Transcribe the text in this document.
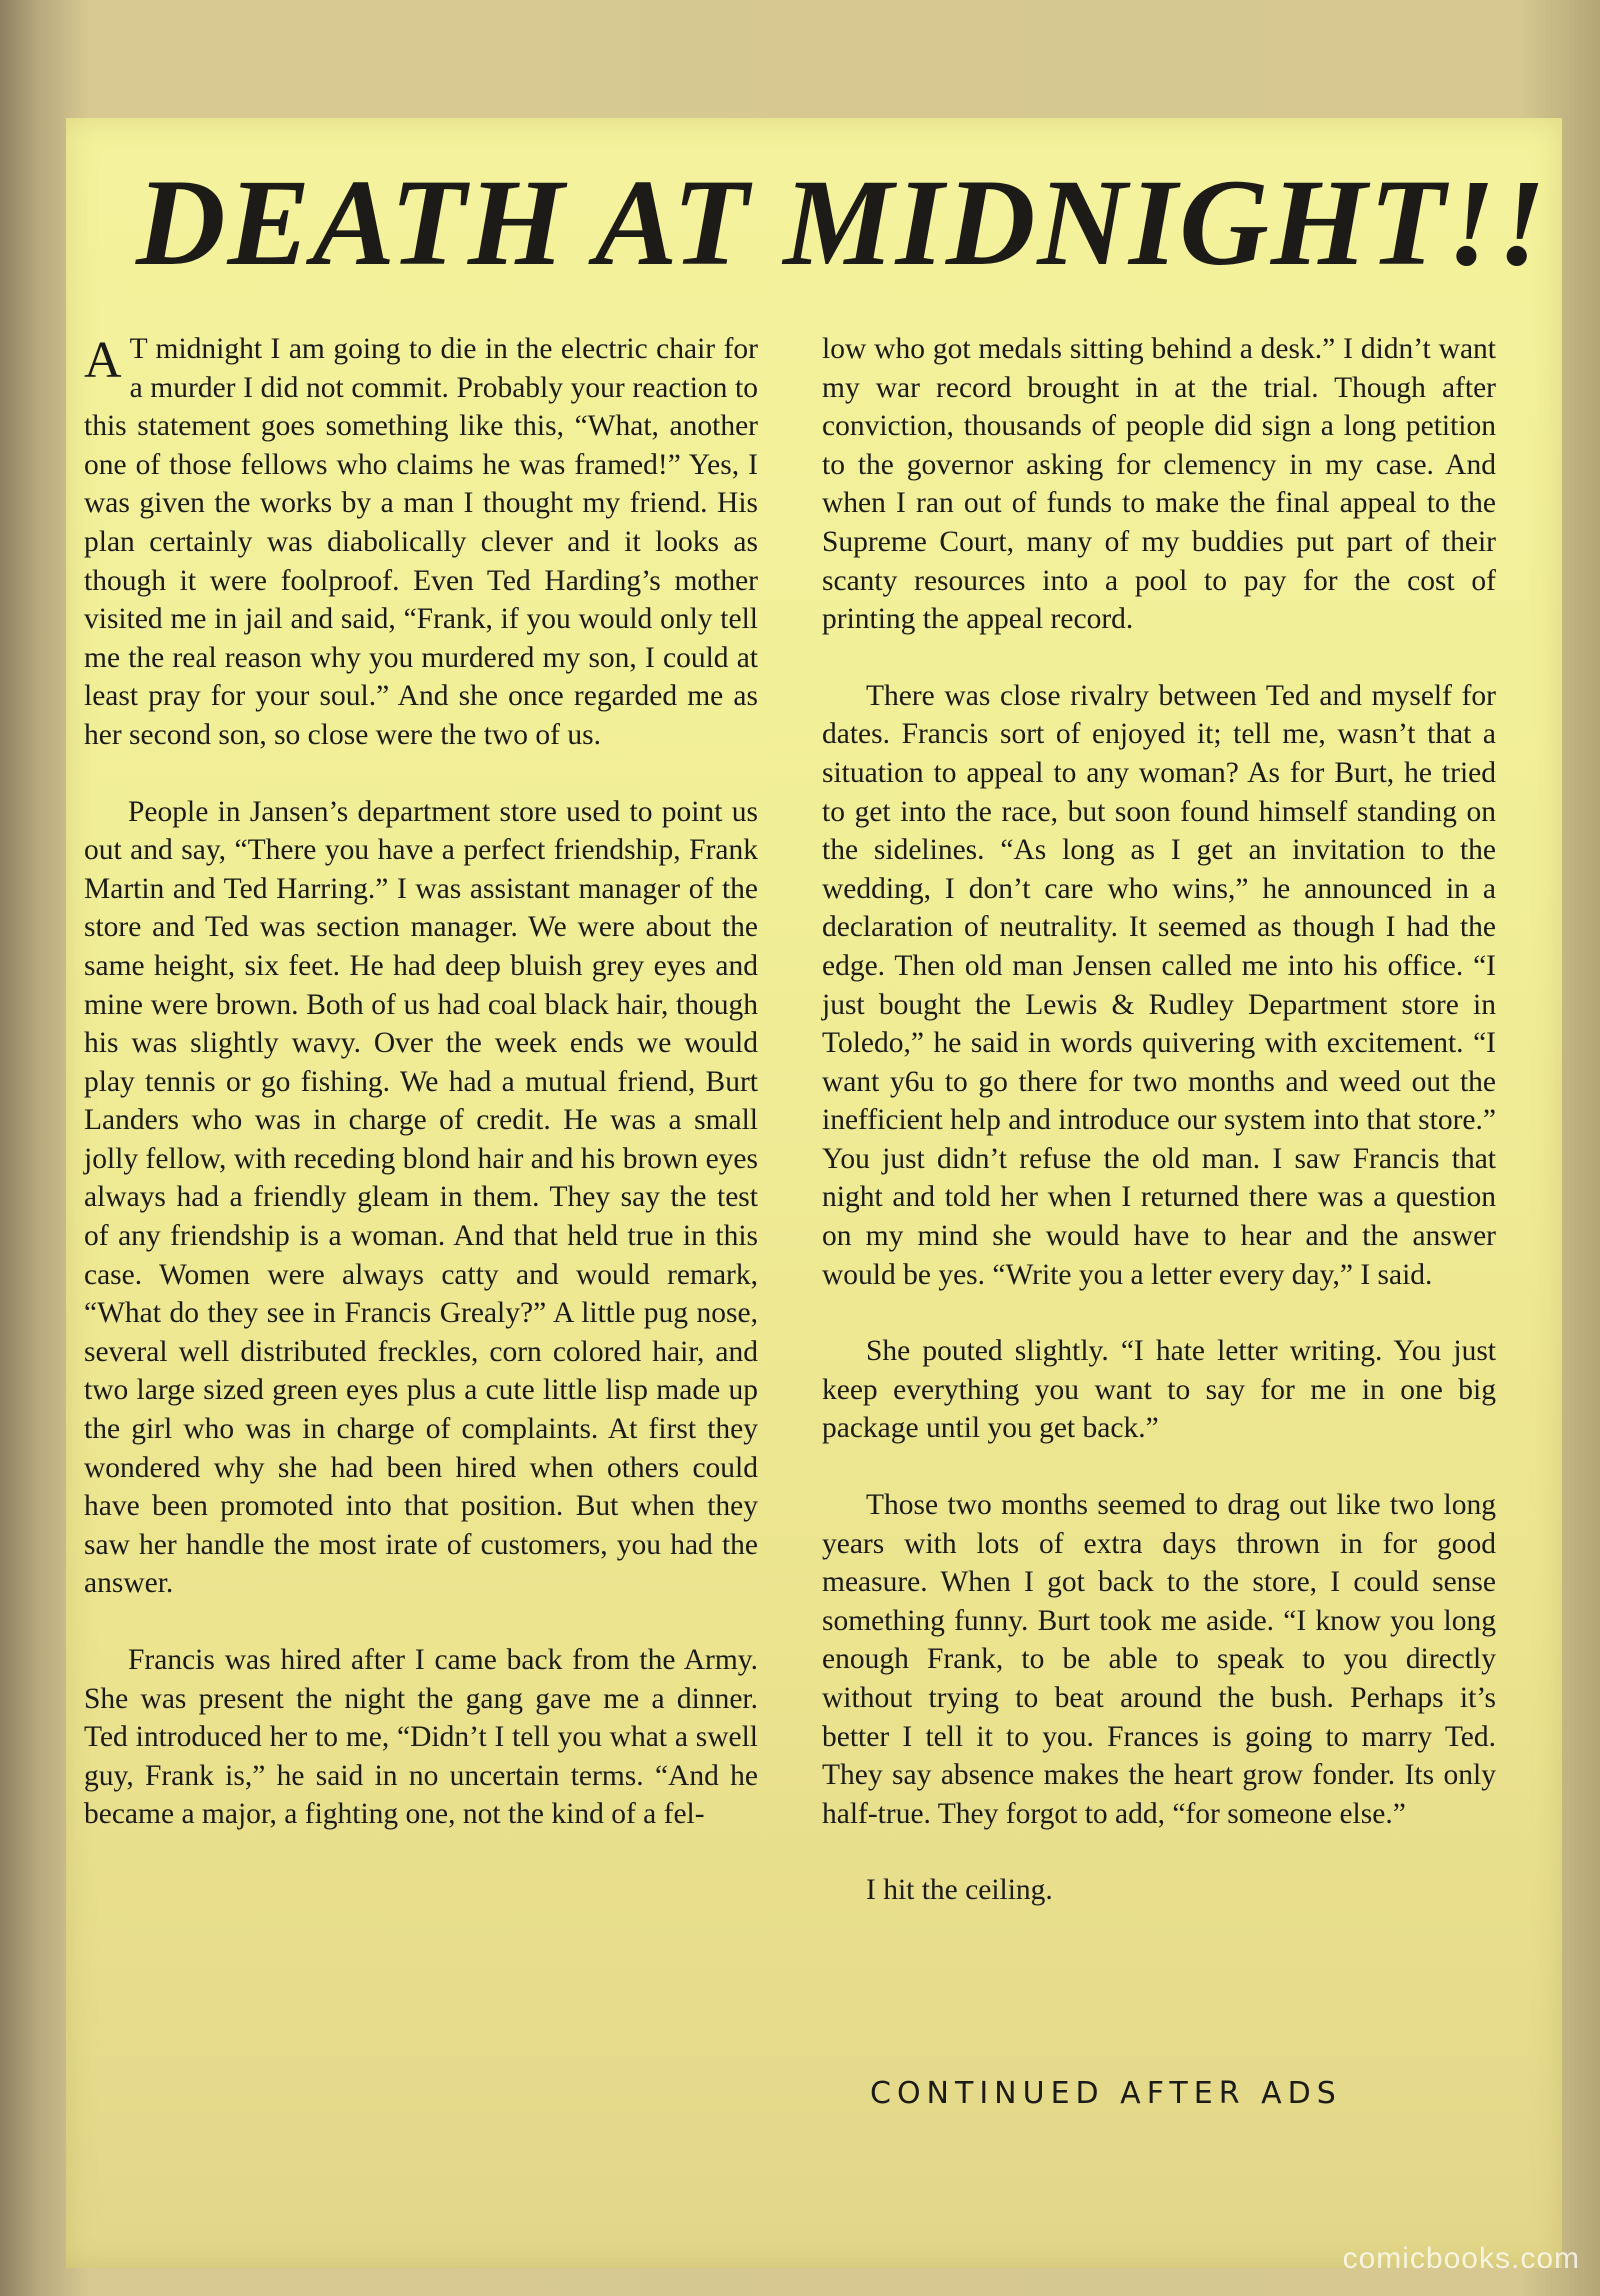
DEATH AT MIDNIGHT!!

A T midnight I am going to die in the electric chair for a murder I did not commit. Probably your reaction to this statement goes something like this, “What, another one of those fellows who claims he was framed!” Yes, I was given the works by a man I thought my friend. His plan certainly was diabolically clever and it looks as though it were foolproof. Even Ted Harding’s mother visited me in jail and said, “Frank, if you would only tell me the real reason why you murdered my son, I could at least pray for your soul.” And she once regarded me as her second son, so close were the two of us.

People in Jansen’s department store used to point us out and say, “There you have a perfect friendship, Frank Martin and Ted Harring.” I was assistant manager of the store and Ted was section manager. We were about the same height, six feet. He had deep bluish grey eyes and mine were brown. Both of us had coal black hair, though his was slightly wavy. Over the week ends we would play tennis or go fishing. We had a mutual friend, Burt Landers who was in charge of credit. He was a small jolly fellow, with receding blond hair and his brown eyes always had a friendly gleam in them. They say the test of any friendship is a woman. And that held true in this case. Women were always catty and would remark, “What do they see in Francis Grealy?” A little pug nose, several well distributed freckles, corn colored hair, and two large sized green eyes plus a cute little lisp made up the girl who was in charge of complaints. At first they wondered why she had been hired when others could have been promoted into that position. But when they saw her handle the most irate of customers, you had the answer.

Francis was hired after I came back from the Army. She was present the night the gang gave me a dinner. Ted introduced her to me, “Didn’t I tell you what a swell guy, Frank is,” he said in no uncertain terms. “And he became a major, a fighting one, not the kind of a fel-

low who got medals sitting behind a desk.” I didn’t want my war record brought in at the trial. Though after conviction, thousands of people did sign a long petition to the governor asking for clemency in my case. And when I ran out of funds to make the final appeal to the Supreme Court, many of my buddies put part of their scanty resources into a pool to pay for the cost of printing the appeal record.

There was close rivalry between Ted and myself for dates. Francis sort of enjoyed it; tell me, wasn’t that a situation to appeal to any woman? As for Burt, he tried to get into the race, but soon found himself standing on the sidelines. “As long as I get an invitation to the wedding, I don’t care who wins,” he announced in a declaration of neutrality. It seemed as though I had the edge. Then old man Jensen called me into his office. “I just bought the Lewis & Rudley Department store in Toledo,” he said in words quivering with excitement. “I want y6u to go there for two months and weed out the inefficient help and introduce our system into that store.” You just didn’t refuse the old man. I saw Francis that night and told her when I returned there was a question on my mind she would have to hear and the answer would be yes. “Write you a letter every day,” I said.

She pouted slightly. “I hate letter writing. You just keep everything you want to say for me in one big package until you get back.”

Those two months seemed to drag out like two long years with lots of extra days thrown in for good measure. When I got back to the store, I could sense something funny. Burt took me aside. “I know you long enough Frank, to be able to speak to you directly without trying to beat around the bush. Perhaps it’s better I tell it to you. Frances is going to marry Ted. They say absence makes the heart grow fonder. Its only half-true. They forgot to add, “for someone else.”

I hit the ceiling.

CONTINUED AFTER ADS
comicbooks.com
